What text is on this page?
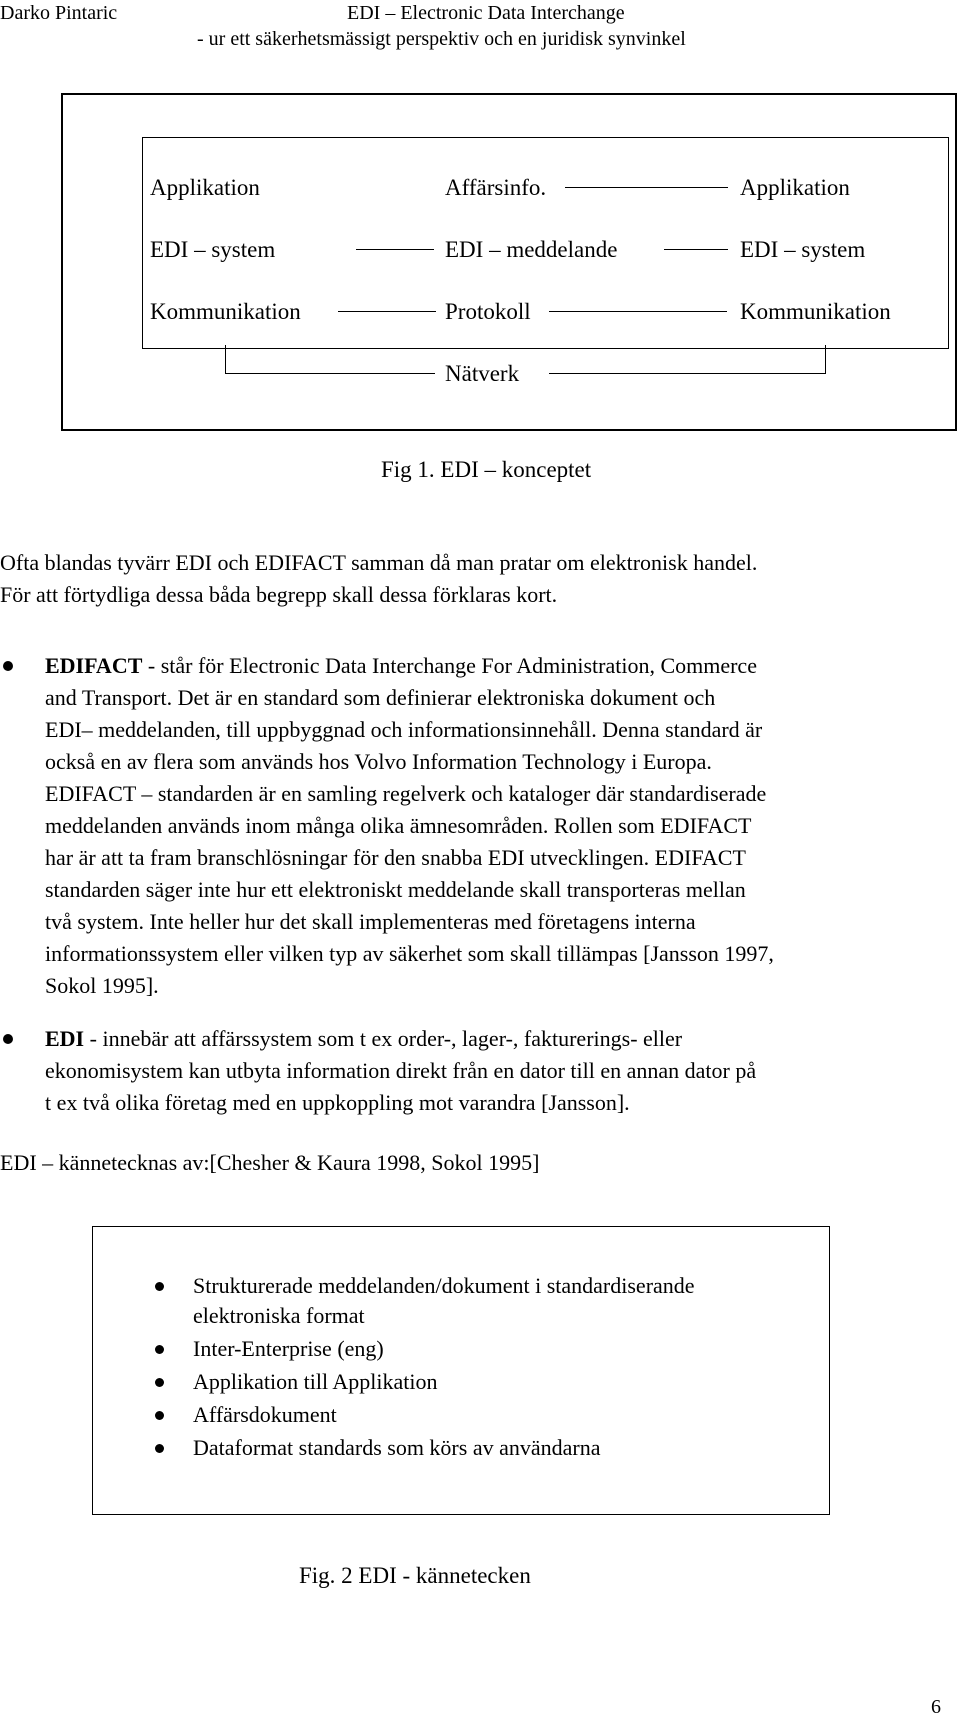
Darko Pintaric	EDI – Electronic Data Interchange
- ur ett säkerhetsmässigt perspektiv och en juridisk synvinkel
Applikation
EDI – system
Kommunikation
Affärsinfo.
EDI – meddelande
Protokoll
Applikation
EDI – system
Kommunikation
Nätverk
Fig 1. EDI – konceptet
Ofta blandas tyvärr EDI och EDIFACT samman då man pratar om elektronisk handel.
För att förtydliga dessa båda begrepp skall dessa förklaras kort.
EDIFACT - står för Electronic Data Interchange For Administration, Commerce
and Transport. Det är en standard som definierar elektroniska dokument och
EDI– meddelanden, till uppbyggnad och informationsinnehåll. Denna standard är
också en av flera som används hos Volvo Information Technology i Europa.
EDIFACT – standarden är en samling regelverk och kataloger där standardiserade
meddelanden används inom många olika ämnesområden. Rollen som EDIFACT
har är att ta fram branschlösningar för den snabba EDI utvecklingen. EDIFACT
standarden säger inte hur ett elektroniskt meddelande skall transporteras mellan
två system. Inte heller hur det skall implementeras med företagens interna
informationssystem eller vilken typ av säkerhet som skall tillämpas [Jansson 1997,
Sokol 1995].
EDI - innebär att affärssystem som t ex order-, lager-, fakturerings- eller
ekonomisystem kan utbyta information direkt från en dator till en annan dator på
t ex två olika företag med en uppkoppling mot varandra [Jansson].
EDI – kännetecknas av:[Chesher & Kaura 1998, Sokol 1995]
Strukturerade meddelanden/dokument i standardiserande
elektroniska format
Inter-Enterprise (eng)
Applikation till Applikation
Affärsdokument
Dataformat standards som körs av användarna
Fig. 2 EDI - kännetecken
6
